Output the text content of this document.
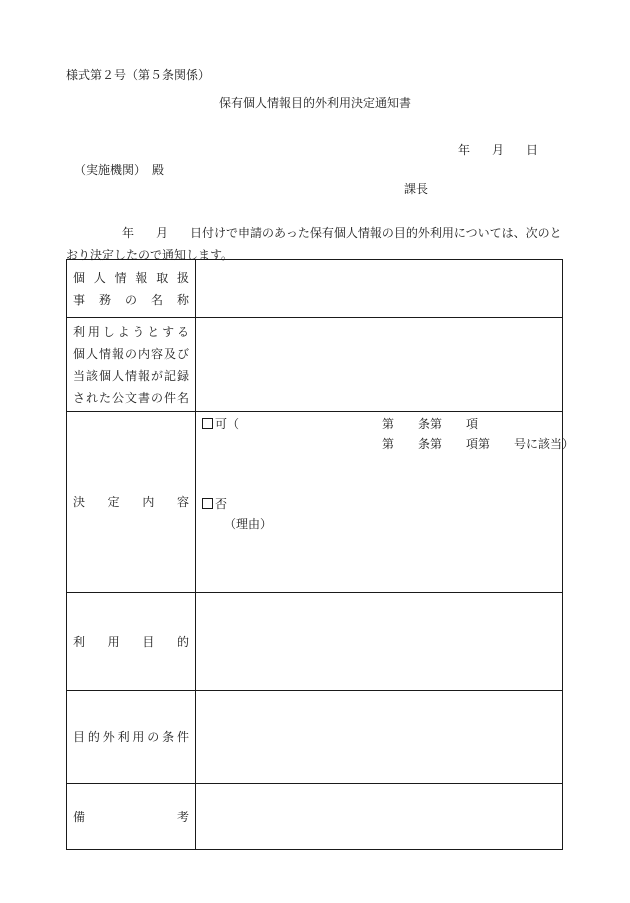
様式第２号（第５条関係）
保有個人情報目的外利用決定通知書
年 月 日
（実施機関）　殿
課長
年 月 日付けで申請のあった保有個人情報の目的外利用については、次のとおり決定したので通知します。
個人情報取扱
事務の名称	

利用しようとする
個人情報の内容及び
当該個人情報が記録
された公文書の件名	

決定内容	可（ 第　　条第　　項
第　　条第　　項第　　号に該当）
否
（理由）

利用目的	

目的外利用の条件	

備考	
